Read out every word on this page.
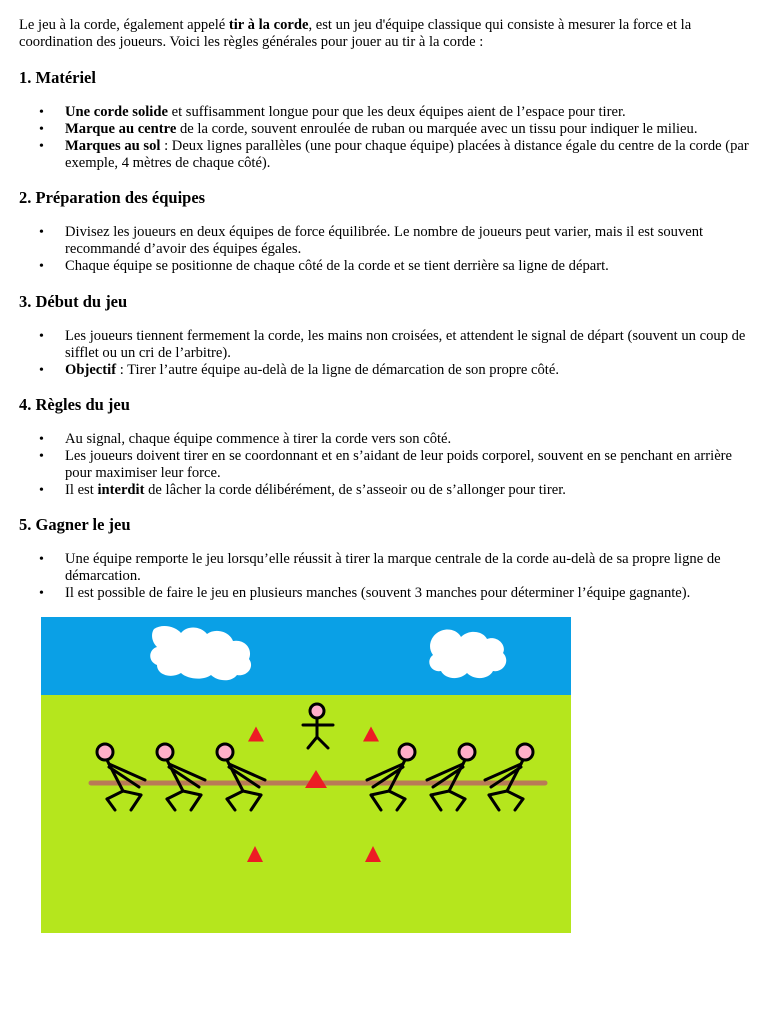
Le jeu à la corde, également appelé tir à la corde, est un jeu d'équipe classique qui consiste à mesurer la force et la coordination des joueurs. Voici les règles générales pour jouer au tir à la corde :

1. Matériel
• Une corde solide et suffisamment longue pour que les deux équipes aient de l’espace pour tirer.
• Marque au centre de la corde, souvent enroulée de ruban ou marquée avec un tissu pour indiquer le milieu.
• Marques au sol : Deux lignes parallèles (une pour chaque équipe) placées à distance égale du centre de la corde (par exemple, 4 mètres de chaque côté).
2. Préparation des équipes
• Divisez les joueurs en deux équipes de force équilibrée. Le nombre de joueurs peut varier, mais il est souvent recommandé d’avoir des équipes égales.
• Chaque équipe se positionne de chaque côté de la corde et se tient derrière sa ligne de départ.
3. Début du jeu
• Les joueurs tiennent fermement la corde, les mains non croisées, et attendent le signal de départ (souvent un coup de sifflet ou un cri de l’arbitre).
• Objectif : Tirer l’autre équipe au-delà de la ligne de démarcation de son propre côté.
4. Règles du jeu
• Au signal, chaque équipe commence à tirer la corde vers son côté.
• Les joueurs doivent tirer en se coordonnant et en s’aidant de leur poids corporel, souvent en se penchant en arrière pour maximiser leur force.
• Il est interdit de lâcher la corde délibérément, de s’asseoir ou de s’allonger pour tirer.
5. Gagner le jeu
• Une équipe remporte le jeu lorsqu’elle réussit à tirer la marque centrale de la corde au-delà de sa propre ligne de démarcation.
• Il est possible de faire le jeu en plusieurs manches (souvent 3 manches pour déterminer l’équipe gagnante).
